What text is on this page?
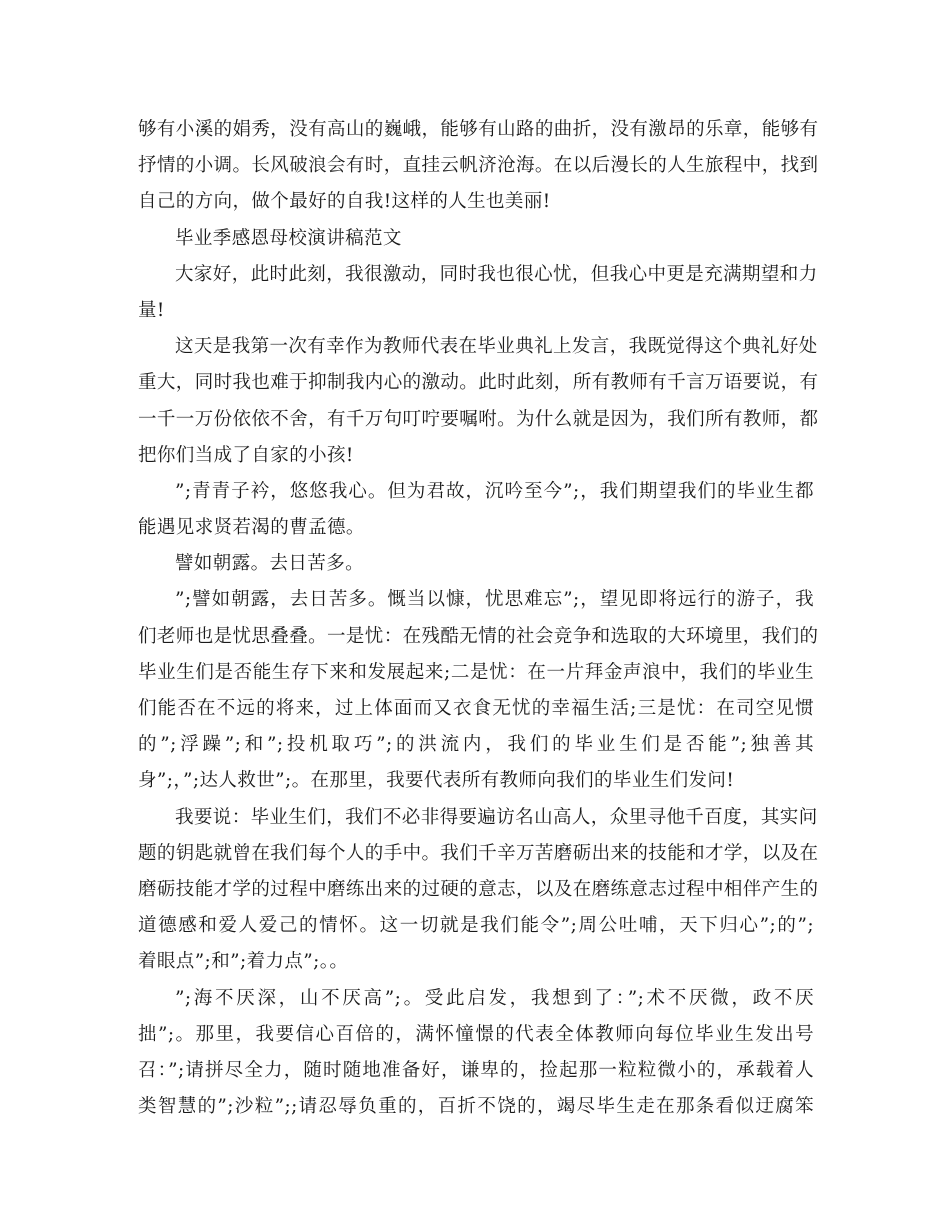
够有小溪的娟秀，没有高山的巍峨，能够有山路的曲折，没有激昂的乐章，能够有
抒情的小调。长风破浪会有时，直挂云帆济沧海。在以后漫长的人生旅程中，找到
自己的方向，做个最好的自我!这样的人生也美丽!
毕业季感恩母校演讲稿范文
大家好，此时此刻，我很激动，同时我也很心忧，但我心中更是充满期望和力
量!
这天是我第一次有幸作为教师代表在毕业典礼上发言，我既觉得这个典礼好处
重大，同时我也难于抑制我内心的激动。此时此刻，所有教师有千言万语要说，有
一千一万份依依不舍，有千万句叮咛要嘱咐。为什么就是因为，我们所有教师，都
把你们当成了自家的小孩!
”;青青子衿，悠悠我心。但为君故，沉吟至今”;，我们期望我们的毕业生都
能遇见求贤若渴的曹孟德。
譬如朝露。去日苦多。
”;譬如朝露，去日苦多。慨当以慷，忧思难忘”;，望见即将远行的游子，我
们老师也是忧思叠叠。一是忧：在残酷无情的社会竞争和选取的大环境里，我们的
毕业生们是否能生存下来和发展起来;二是忧：在一片拜金声浪中，我们的毕业生
们能否在不远的将来，过上体面而又衣食无忧的幸福生活;三是忧：在司空见惯
的”;浮躁”;和”;投机取巧”;的洪流内，我们的毕业生们是否能”;独善其
身”;，”;达人救世”;。在那里，我要代表所有教师向我们的毕业生们发问!
我要说：毕业生们，我们不必非得要遍访名山高人，众里寻他千百度，其实问
题的钥匙就曾在我们每个人的手中。我们千辛万苦磨砺出来的技能和才学，以及在
磨砺技能才学的过程中磨练出来的过硬的意志，以及在磨练意志过程中相伴产生的
道德感和爱人爱己的情怀。这一切就是我们能令”;周公吐哺，天下归心”;的”;
着眼点”;和”;着力点”;。。
”;海不厌深，山不厌高”;。受此启发，我想到了：”;术不厌微，政不厌
拙”;。那里，我要信心百倍的，满怀憧憬的代表全体教师向每位毕业生发出号
召：”;请拼尽全力，随时随地准备好，谦卑的，捡起那一粒粒微小的，承载着人
类智慧的”;沙粒”;;请忍辱负重的，百折不饶的，竭尽毕生走在那条看似迂腐笨
